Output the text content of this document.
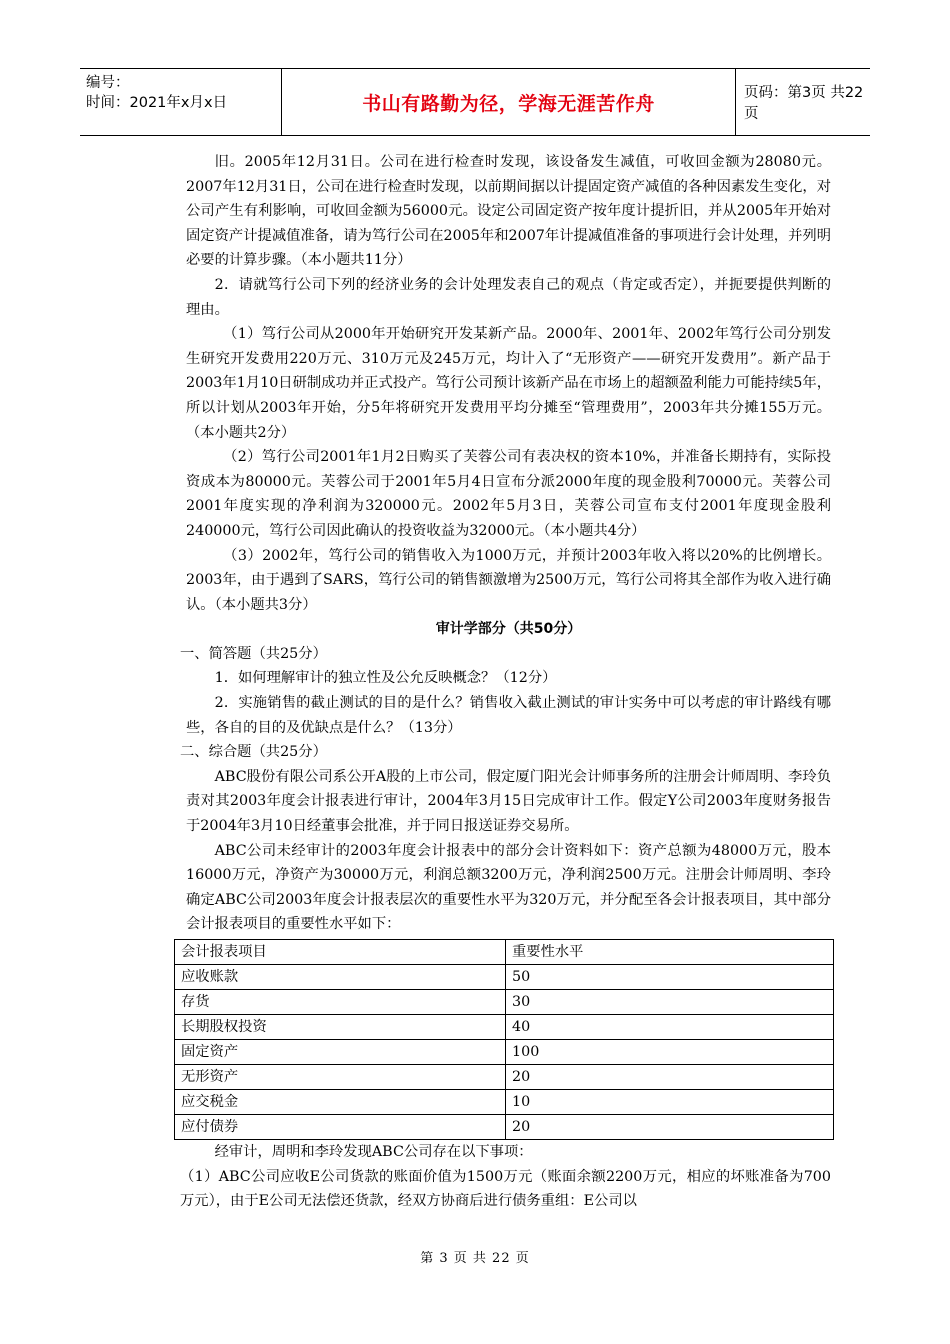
编号：
时间：2021年x月x日	书山有路勤为径，学海无涯苦作舟	页码：第3页 共22页

旧。2005年12月31日。公司在进行检查时发现，该设备发生减值，可收回金额为28080元。2007年12月31日，公司在进行检查时发现，以前期间据以计提固定资产减值的各种因素发生变化，对公司产生有利影响，可收回金额为56000元。设定公司固定资产按年度计提折旧，并从2005年开始对固定资产计提减值准备，请为笃行公司在2005年和2007年计提减值准备的事项进行会计处理，并列明必要的计算步骤。（本小题共11分）

2．请就笃行公司下列的经济业务的会计处理发表自己的观点（肯定或否定），并扼要提供判断的理由。

（1）笃行公司从2000年开始研究开发某新产品。2000年、2001年、2002年笃行公司分别发生研究开发费用220万元、310万元及245万元，均计入了“无形资产——研究开发费用”。新产品于2003年1月10日研制成功并正式投产。笃行公司预计该新产品在市场上的超额盈利能力可能持续5年，所以计划从2003年开始，分5年将研究开发费用平均分摊至“管理费用”，2003年共分摊155万元。（本小题共2分）

（2）笃行公司2001年1月2日购买了芙蓉公司有表决权的资本10%，并准备长期持有，实际投资成本为80000元。芙蓉公司于2001年5月4日宣布分派2000年度的现金股利70000元。芙蓉公司2001年度实现的净利润为320000元。2002年5月3日，芙蓉公司宣布支付2001年度现金股利240000元，笃行公司因此确认的投资收益为32000元。（本小题共4分）

（3）2002年，笃行公司的销售收入为1000万元，并预计2003年收入将以20%的比例增长。2003年，由于遇到了SARS，笃行公司的销售额激增为2500万元，笃行公司将其全部作为收入进行确认。（本小题共3分）

审计学部分（共50分）

一、简答题（共25分）

1．如何理解审计的独立性及公允反映概念？（12分）

2．实施销售的截止测试的目的是什么？销售收入截止测试的审计实务中可以考虑的审计路线有哪些，各自的目的及优缺点是什么？（13分）

二、综合题（共25分）

ABC股份有限公司系公开A股的上市公司，假定厦门阳光会计师事务所的注册会计师周明、李玲负责对其2003年度会计报表进行审计，2004年3月15日完成审计工作。假定Y公司2003年度财务报告于2004年3月10日经董事会批准，并于同日报送证券交易所。

ABC公司未经审计的2003年度会计报表中的部分会计资料如下：资产总额为48000万元，股本16000万元，净资产为30000万元，利润总额3200万元，净利润2500万元。注册会计师周明、李玲确定ABC公司2003年度会计报表层次的重要性水平为320万元，并分配至各会计报表项目，其中部分会计报表项目的重要性水平如下：

会计报表项目	重要性水平
应收账款	50
存货	30
长期股权投资	40
固定资产	100
无形资产	20
应交税金	10
应付债券	20

经审计，周明和李玲发现ABC公司存在以下事项：

（1）ABC公司应收E公司货款的账面价值为1500万元（账面余额2200万元，相应的坏账准备为700万元），由于E公司无法偿还货款，经双方协商后进行债务重组：E公司以

第 3 页 共 22 页
